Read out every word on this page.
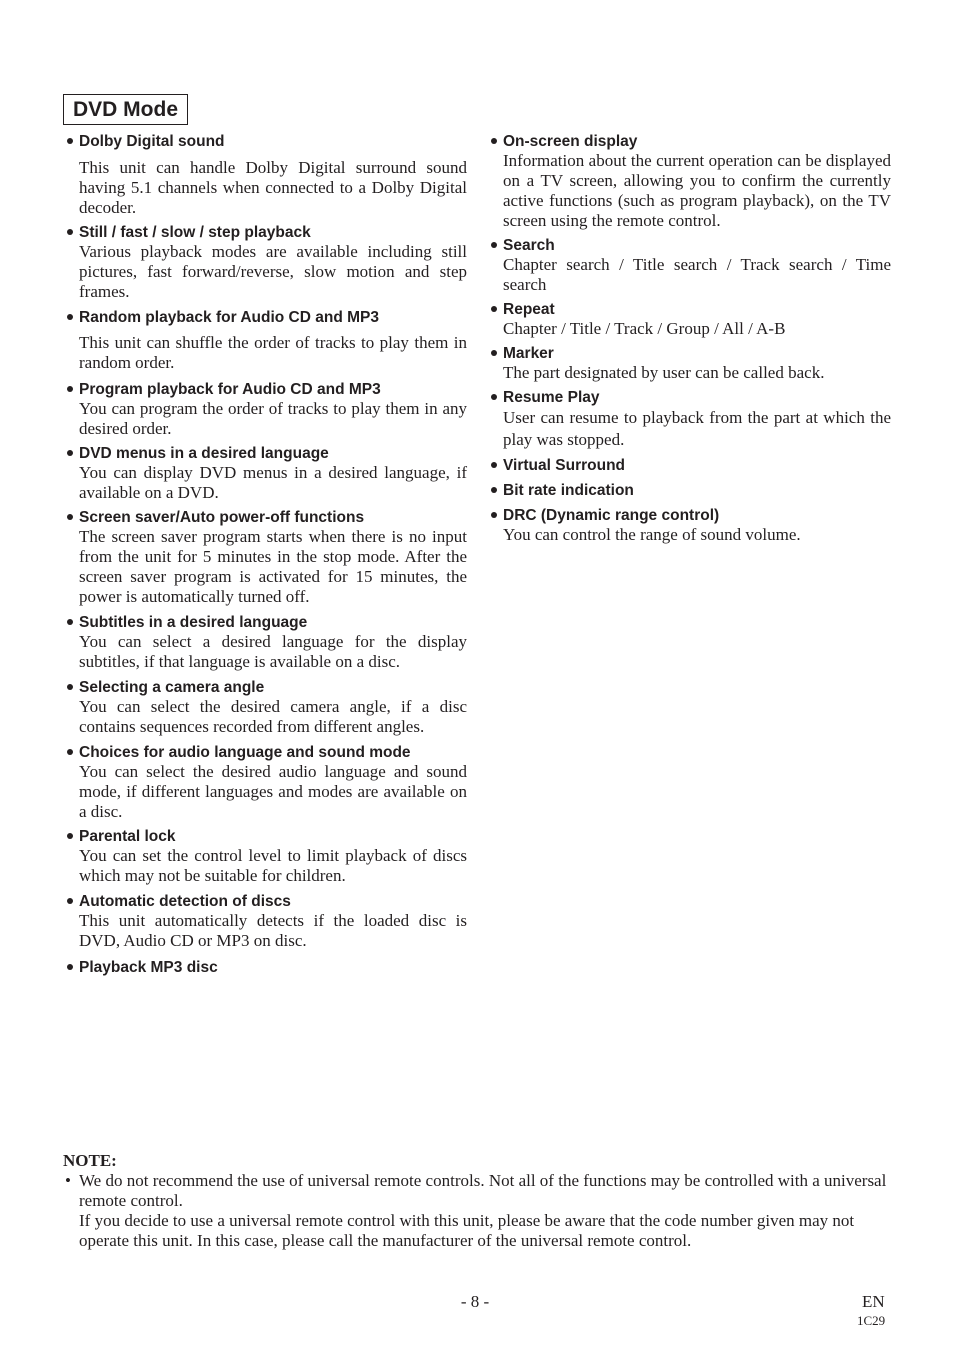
DVD Mode
Dolby Digital sound
This unit can handle Dolby Digital surround sound having 5.1 channels when connected to a Dolby Digital decoder.
Still / fast / slow / step playback
Various playback modes are available including still pictures, fast forward/reverse, slow motion and step frames.
Random playback for Audio CD and MP3
This unit can shuffle the order of tracks to play them in random order.
Program playback for Audio CD and MP3
You can program the order of tracks to play them in any desired order.
DVD menus in a desired language
You can display DVD menus in a desired language, if available on a DVD.
Screen saver/Auto power-off functions
The screen saver program starts when there is no input from the unit for 5 minutes in the stop mode. After the screen saver program is activated for 15 minutes, the power is automatically turned off.
Subtitles in a desired language
You can select a desired language for the display subtitles, if that language is available on a disc.
Selecting a camera angle
You can select the desired camera angle, if a disc contains sequences recorded from different angles.
Choices for audio language and sound mode
You can select the desired audio language and sound mode, if different languages and modes are available on a disc.
Parental lock
You can set the control level to limit playback of discs which may not be suitable for children.
Automatic detection of discs
This unit automatically detects if the loaded disc is DVD, Audio CD or MP3 on disc.
Playback MP3 disc
On-screen display
Information about the current operation can be displayed on a TV screen, allowing you to confirm the currently active functions (such as program playback), on the TV screen using the remote control.
Search
Chapter search / Title search / Track search / Time search
Repeat
Chapter / Title / Track / Group / All / A-B
Marker
The part designated by user can be called back.
Resume Play
User can resume to playback from the part at which the play was stopped.
Virtual Surround
Bit rate indication
DRC (Dynamic range control)
You can control the range of sound volume.
NOTE:
• We do not recommend the use of universal remote controls. Not all of the functions may be controlled with a universal remote control.
If you decide to use a universal remote control with this unit, please be aware that the code number given may not operate this unit. In this case, please call the manufacturer of the universal remote control.
- 8 -	EN
1C29
